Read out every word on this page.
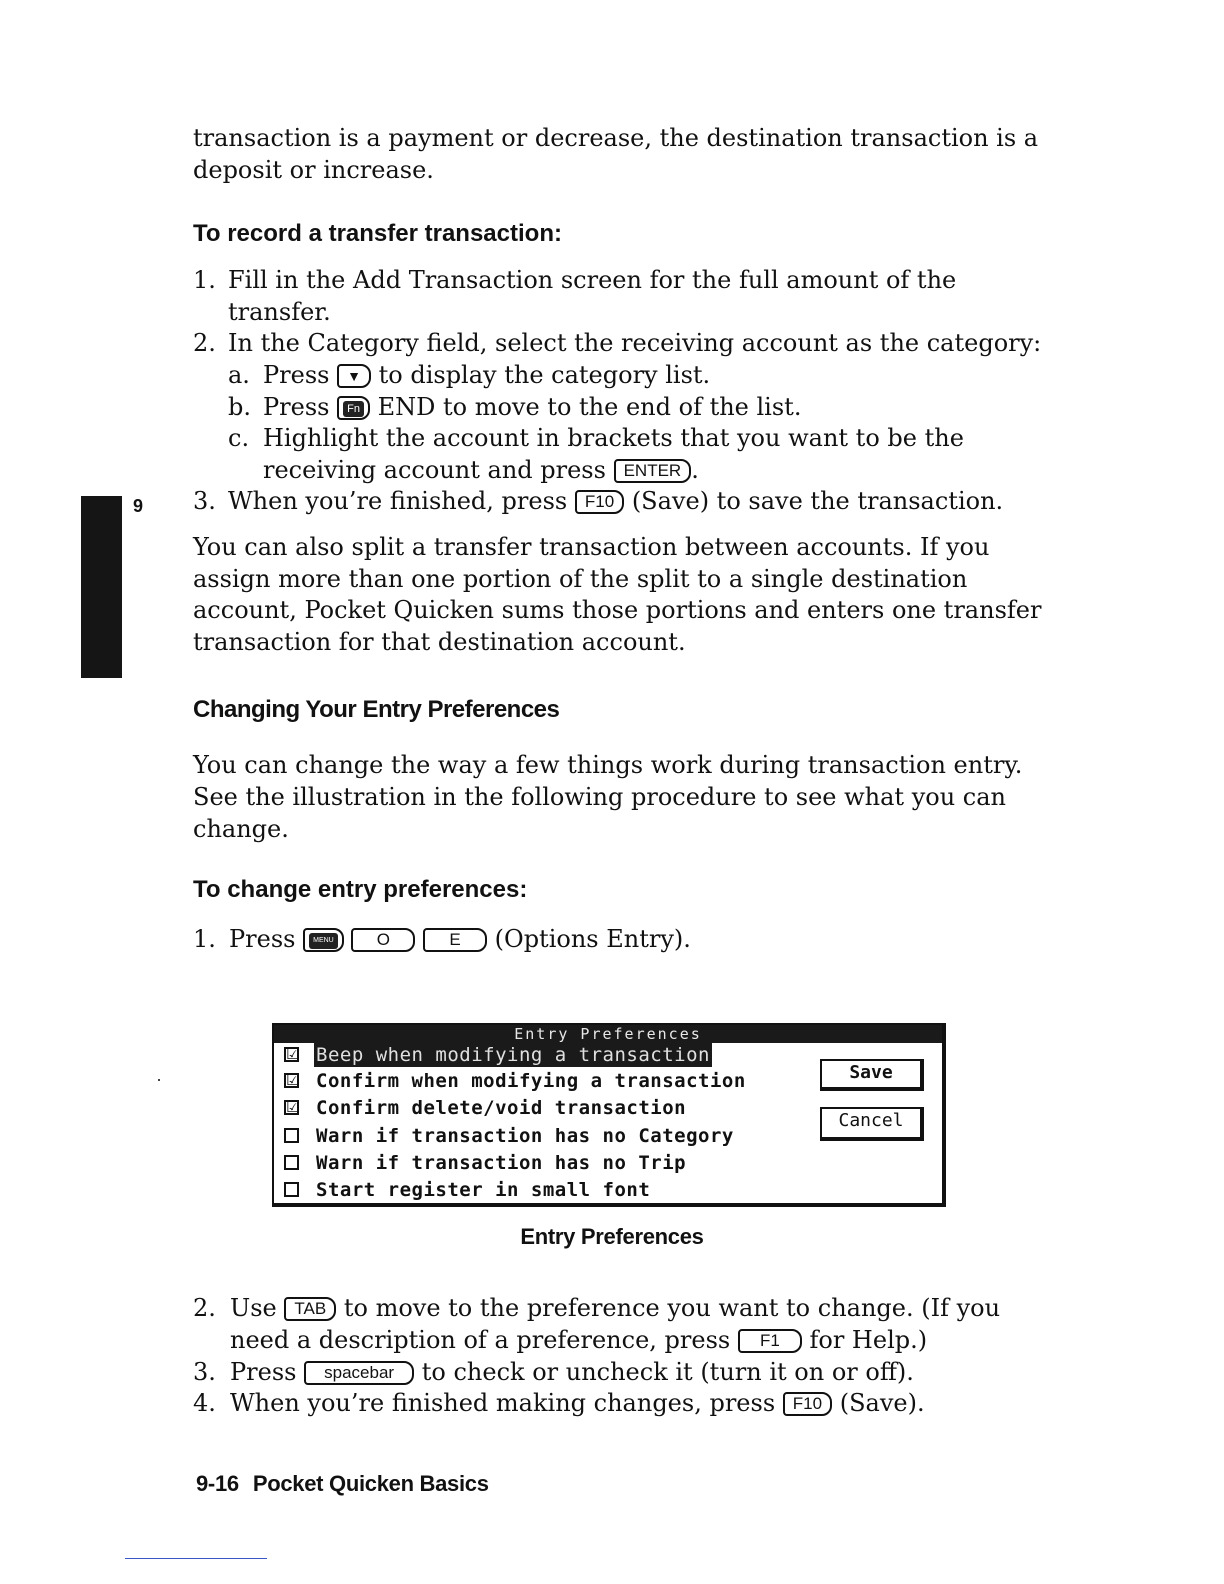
transaction is a payment or decrease, the destination transaction is a
deposit or increase.
To record a transfer transaction:
1. Fill in the Add Transaction screen for the full amount of the
transfer.
2. In the Category field, select the receiving account as the category:
a. Press ▼ to display the category list.
b. Press Fn END to move to the end of the list.
c. Highlight the account in brackets that you want to be the
receiving account and press ENTER .
3. When you’re finished, press F10 (Save) to save the transaction.
9
You can also split a transfer transaction between accounts. If you
assign more than one portion of the split to a single destination
account, Pocket Quicken sums those portions and enters one transfer
transaction for that destination account.
Changing Your Entry Preferences
You can change the way a few things work during transaction entry.
See the illustration in the following procedure to see what you can
change.
To change entry preferences:
1. Press	MENU	O	E (Options Entry).
Entry Preferences
☑ Beep when modifying a transaction
☑ Confirm when modifying a transaction
☑ Confirm delete/void transaction
Warn if transaction has no Category
Warn if transaction has no Trip
Start register in small font
Save
Cancel
Entry Preferences
2. Use TAB to move to the preference you want to change. (If you
need a description of a preference, press F1 for Help.)
3. Press spacebar to check or uncheck it (turn it on or off).
4. When you’re finished making changes, press F10 (Save).
9-16 Pocket Quicken Basics
